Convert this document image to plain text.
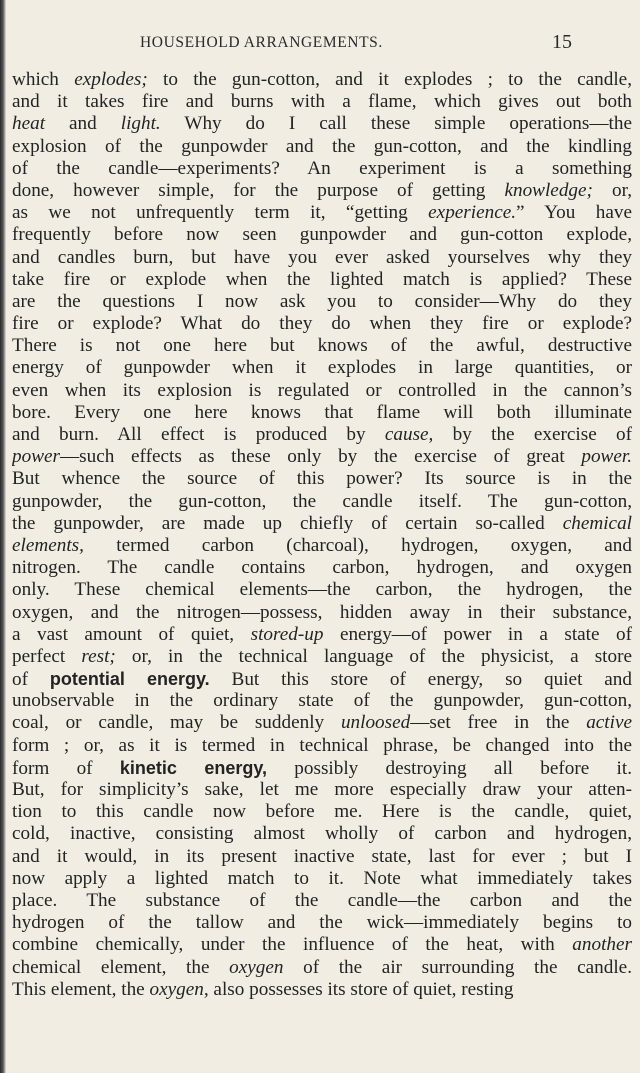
HOUSEHOLD ARRANGEMENTS.	15
which explodes; to the gun-cotton, and it explodes ; to the candle,
and it takes fire and burns with a flame, which gives out both
heat and light. Why do I call these simple operations—the
explosion of the gunpowder and the gun-cotton, and the kindling
of the candle—experiments? An experiment is a something
done, however simple, for the purpose of getting knowledge; or,
as we not unfrequently term it, “getting experience.” You have
frequently before now seen gunpowder and gun-cotton explode,
and candles burn, but have you ever asked yourselves why they
take fire or explode when the lighted match is applied? These
are the questions I now ask you to consider—Why do they
fire or explode? What do they do when they fire or explode?
There is not one here but knows of the awful, destructive
energy of gunpowder when it explodes in large quantities, or
even when its explosion is regulated or controlled in the cannon’s
bore. Every one here knows that flame will both illuminate
and burn. All effect is produced by cause, by the exercise of
power—such effects as these only by the exercise of great power.
But whence the source of this power? Its source is in the
gunpowder, the gun-cotton, the candle itself. The gun-cotton,
the gunpowder, are made up chiefly of certain so-called chemical
elements, termed carbon (charcoal), hydrogen, oxygen, and
nitrogen. The candle contains carbon, hydrogen, and oxygen
only. These chemical elements—the carbon, the hydrogen, the
oxygen, and the nitrogen—possess, hidden away in their substance,
a vast amount of quiet, stored-up energy—of power in a state of
perfect rest; or, in the technical language of the physicist, a store
of potential energy. But this store of energy, so quiet and
unobservable in the ordinary state of the gunpowder, gun-cotton,
coal, or candle, may be suddenly unloosed—set free in the active
form ; or, as it is termed in technical phrase, be changed into the
form of kinetic energy, possibly destroying all before it.
But, for simplicity’s sake, let me more especially draw your atten-
tion to this candle now before me. Here is the candle, quiet,
cold, inactive, consisting almost wholly of carbon and hydrogen,
and it would, in its present inactive state, last for ever ; but I
now apply a lighted match to it. Note what immediately takes
place. The substance of the candle—the carbon and the
hydrogen of the tallow and the wick—immediately begins to
combine chemically, under the influence of the heat, with another
chemical element, the oxygen of the air surrounding the candle.
This element, the oxygen, also possesses its store of quiet, resting
